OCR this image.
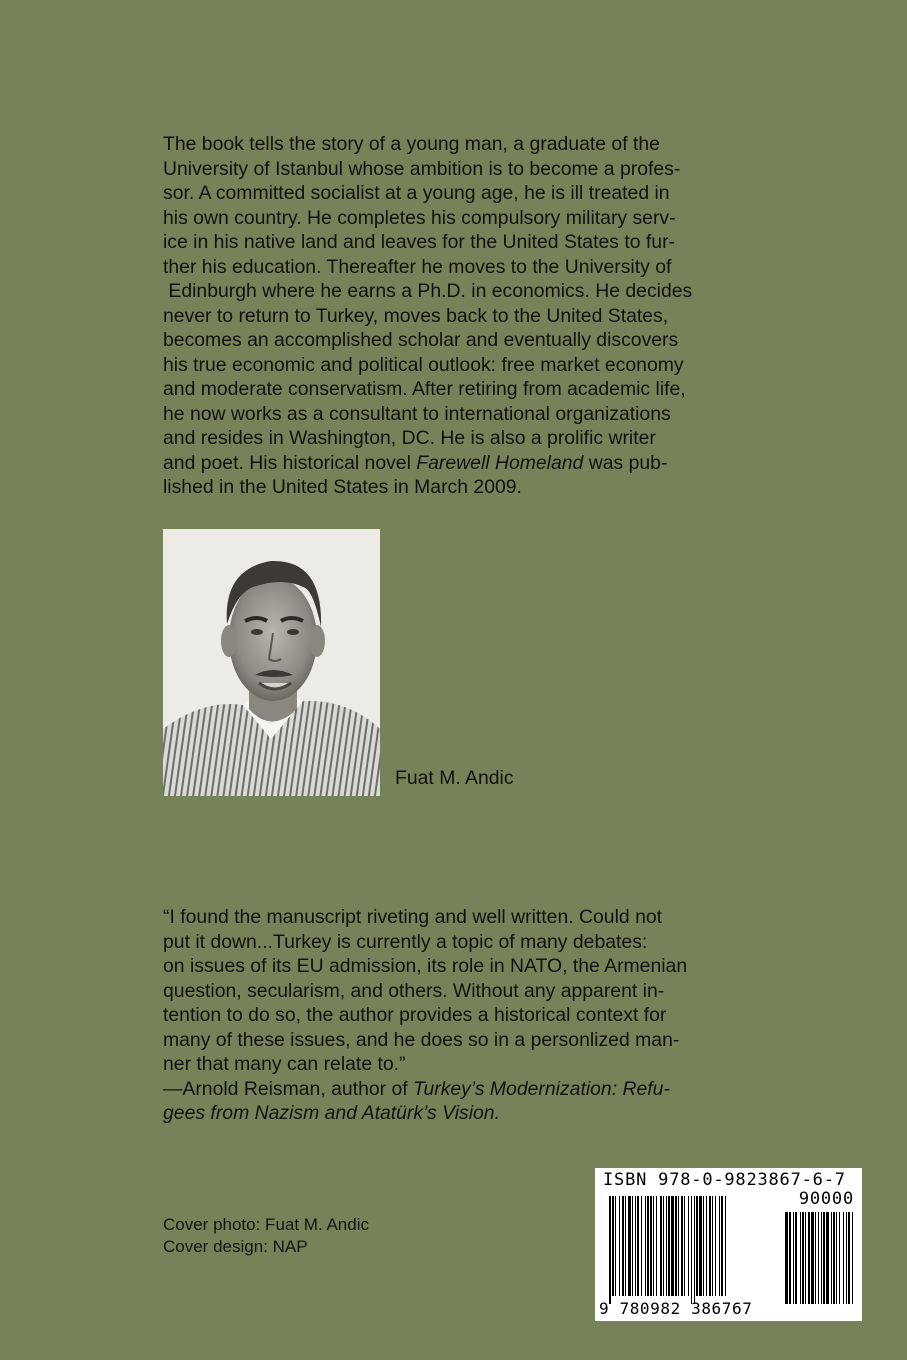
The book tells the story of a young man, a graduate of the
University of Istanbul whose ambition is to become a profes-
sor. A committed socialist at a young age, he is ill treated in
his own country. He completes his compulsory military serv-
ice in his native land and leaves for the United States to fur-
ther his education. Thereafter he moves to the University of
Edinburgh where he earns a Ph.D. in economics. He decides
never to return to Turkey, moves back to the United States,
becomes an accomplished scholar and eventually discovers
his true economic and political outlook: free market economy
and moderate conservatism. After retiring from academic life,
he now works as a consultant to international organizations
and resides in Washington, DC. He is also a prolific writer
and poet. His historical novel Farewell Homeland was pub-
lished in the United States in March 2009.
Fuat M. Andic
“I found the manuscript riveting and well written. Could not
put it down...Turkey is currently a topic of many debates:
on issues of its EU admission, its role in NATO, the Armenian
question, secularism, and others. Without any apparent in-
tention to do so, the author provides a historical context for
many of these issues, and he does so in a personlized man-
ner that many can relate to.”
—Arnold Reisman, author of Turkey’s Modernization: Refu-
gees from Nazism and Atatürk’s Vision.
Cover photo: Fuat M. Andic
Cover design: NAP
ISBN 978-0-9823867-6-7
90000
9 780982 386767
